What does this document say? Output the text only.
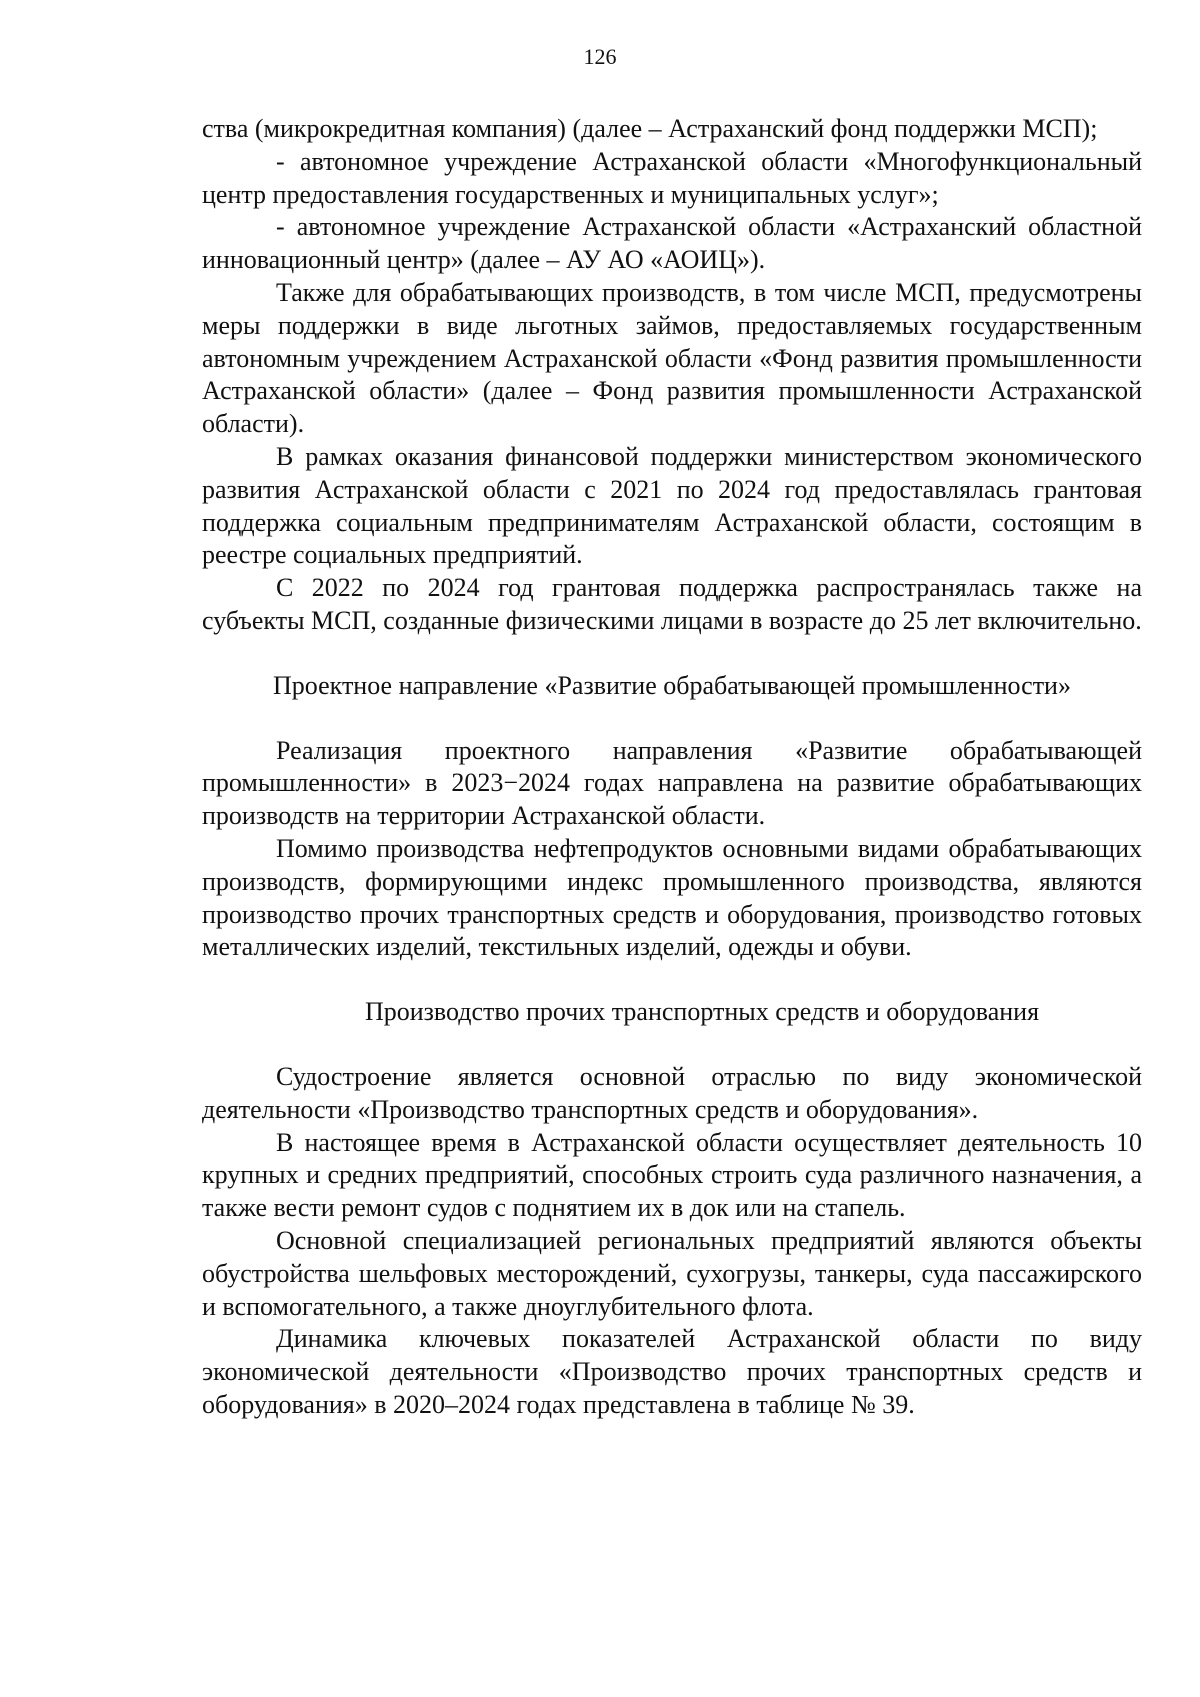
126

ства (микрокредитная компания) (далее – Астраханский фонд поддержки МСП);

- автономное учреждение Астраханской области «Многофункциональный центр предоставления государственных и муниципальных услуг»;

- автономное учреждение Астраханской области «Астраханский областной инновационный центр» (далее – АУ АО «АОИЦ»).

Также для обрабатывающих производств, в том числе МСП, предусмотрены меры поддержки в виде льготных займов, предоставляемых государственным автономным учреждением Астраханской области «Фонд развития промышленности Астраханской области» (далее – Фонд развития промышленности Астраханской области).

В рамках оказания финансовой поддержки министерством экономического развития Астраханской области с 2021 по 2024 год предоставлялась грантовая поддержка социальным предпринимателям Астраханской области, состоящим в реестре социальных предприятий.

С 2022 по 2024 год грантовая поддержка распространялась также на субъекты МСП, созданные физическими лицами в возрасте до 25 лет включительно.

Проектное направление «Развитие обрабатывающей промышленности»

Реализация проектного направления «Развитие обрабатывающей промышленности» в 2023−2024 годах направлена на развитие обрабатывающих производств на территории Астраханской области.

Помимо производства нефтепродуктов основными видами обрабатывающих производств, формирующими индекс промышленного производства, являются производство прочих транспортных средств и оборудования, производство готовых металлических изделий, текстильных изделий, одежды и обуви.

Производство прочих транспортных средств и оборудования

Судостроение является основной отраслью по виду экономической деятельности «Производство транспортных средств и оборудования».

В настоящее время в Астраханской области осуществляет деятельность 10 крупных и средних предприятий, способных строить суда различного назначения, а также вести ремонт судов с поднятием их в док или на стапель.

Основной специализацией региональных предприятий являются объекты обустройства шельфовых месторождений, сухогрузы, танкеры, суда пассажирского и вспомогательного, а также дноуглубительного флота.

Динамика ключевых показателей Астраханской области по виду экономической деятельности «Производство прочих транспортных средств и оборудования» в 2020–2024 годах представлена в таблице № 39.
